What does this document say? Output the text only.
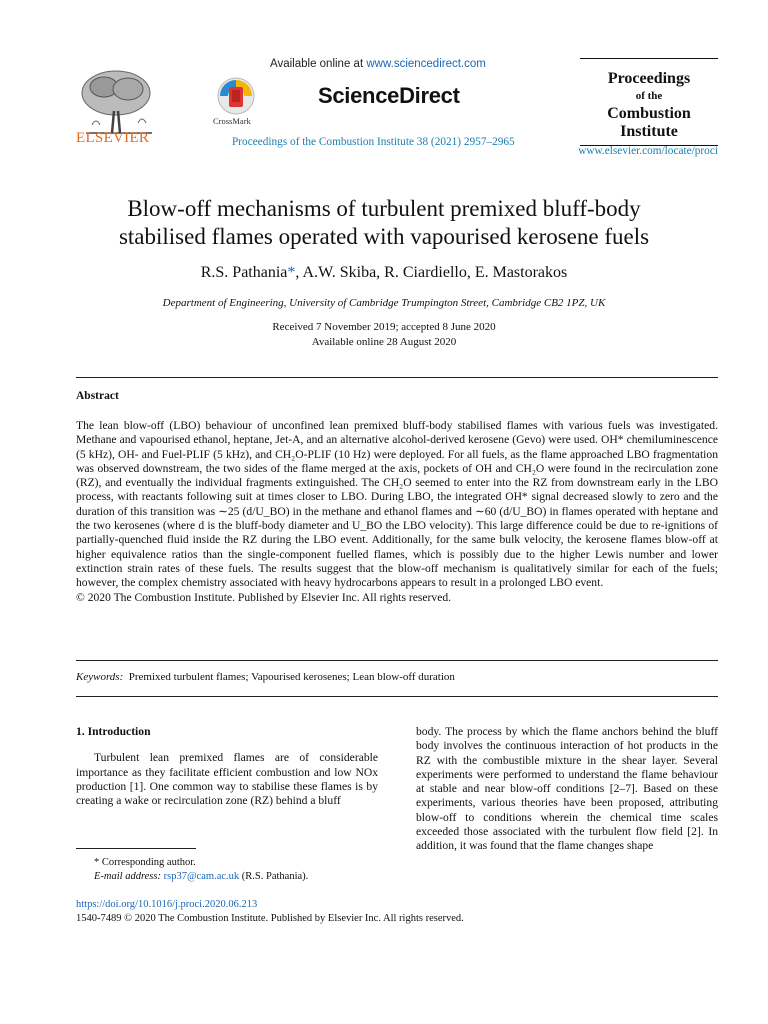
ELSEVIER
Available online at www.sciencedirect.com
CrossMark
ScienceDirect
Proceedings of the Combustion Institute 38 (2021) 2957–2965
Proceedings
of the
Combustion
Institute
www.elsevier.com/locate/proci
Blow-off mechanisms of turbulent premixed bluff-body
stabilised flames operated with vapourised kerosene fuels
R.S. Pathania*, A.W. Skiba, R. Ciardiello, E. Mastorakos
Department of Engineering, University of Cambridge Trumpington Street, Cambridge CB2 1PZ, UK
Received 7 November 2019; accepted 8 June 2020
Available online 28 August 2020
Abstract
The lean blow-off (LBO) behaviour of unconfined lean premixed bluff-body stabilised flames with various fuels was investigated. Methane and vapourised ethanol, heptane, Jet-A, and an alternative alcohol-derived kerosene (Gevo) were used. OH* chemiluminescence (5 kHz), OH- and Fuel-PLIF (5 kHz), and CH₂O-PLIF (10 Hz) were deployed. For all fuels, as the flame approached LBO fragmentation was observed downstream, the two sides of the flame merged at the axis, pockets of OH and CH₂O were found in the recirculation zone (RZ), and eventually the individual fragments extinguished. The CH₂O seemed to enter into the RZ from downstream early in the LBO process, with reactants following suit at times closer to LBO. During LBO, the integrated OH* signal decreased slowly to zero and the duration of this transition was ∼25 (d/U_BO) in the methane and ethanol flames and ∼60 (d/U_BO) in flames operated with heptane and the two kerosenes (where d is the bluff-body diameter and U_BO the LBO velocity). This large difference could be due to re-ignitions of partially-quenched fluid inside the RZ during the LBO event. Additionally, for the same bulk velocity, the kerosene flames blow-off at higher equivalence ratios than the single-component fuelled flames, which is possibly due to the higher Lewis number and lower extinction strain rates of these fuels. The results suggest that the blow-off mechanism is qualitatively similar for each of the fuels; however, the complex chemistry associated with heavy hydrocarbons appears to result in a prolonged LBO event.
© 2020 The Combustion Institute. Published by Elsevier Inc. All rights reserved.
Keywords: Premixed turbulent flames; Vapourised kerosenes; Lean blow-off duration
1. Introduction

Turbulent lean premixed flames are of considerable importance as they facilitate efficient combustion and low NOx production [1]. One common way to stabilise these flames is by creating a wake or recirculation zone (RZ) behind a bluff

body. The process by which the flame anchors behind the bluff body involves the continuous interaction of hot products in the RZ with the combustible mixture in the shear layer. Several experiments were performed to understand the flame behaviour at stable and near blow-off conditions [2–7]. Based on these experiments, various theories have been proposed, attributing blow-off to conditions wherein the chemical time scales exceeded those associated with the turbulent flow field [2]. In addition, it was found that the flame changes shape

* Corresponding author.
E-mail address: rsp37@cam.ac.uk (R.S. Pathania).
https://doi.org/10.1016/j.proci.2020.06.213
1540-7489 © 2020 The Combustion Institute. Published by Elsevier Inc. All rights reserved.
